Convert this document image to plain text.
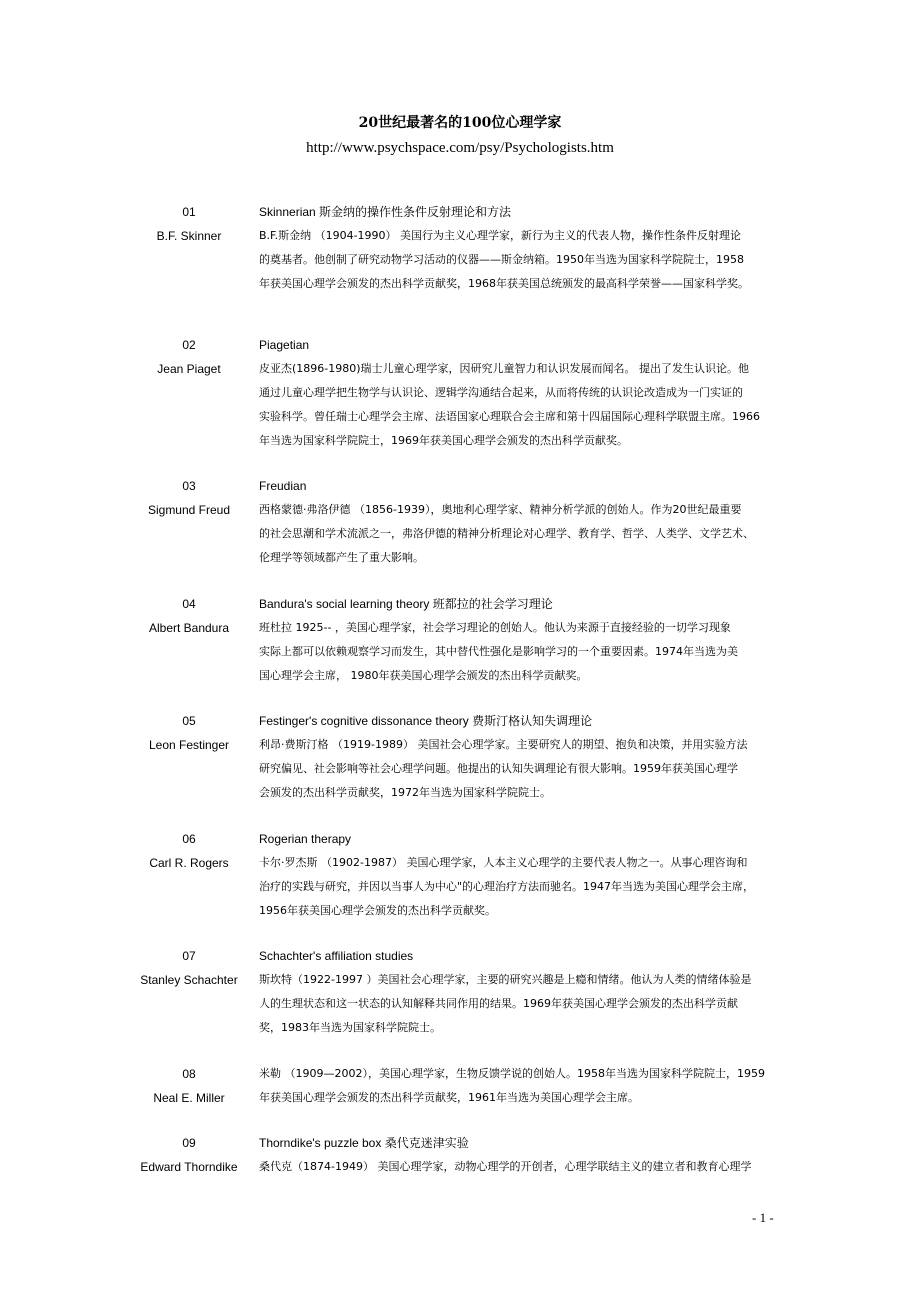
20世纪最著名的100位心理学家
http://www.psychspace.com/psy/Psychologists.htm
01
B.F. Skinner
Skinnerian 斯金纳的操作性条件反射理论和方法
B.F.斯金纳 （1904-1990） 美国行为主义心理学家，新行为主义的代表人物，操作性条件反射理论
的奠基者。他创制了研究动物学习活动的仪器——斯金纳箱。1950年当选为国家科学院院士，1958
年获美国心理学会颁发的杰出科学贡献奖，1968年获美国总统颁发的最高科学荣誉——国家科学奖。
02
Jean Piaget
Piagetian
皮亚杰(1896-1980)瑞士儿童心理学家，因研究儿童智力和认识发展而闻名。 提出了发生认识论。他
通过儿童心理学把生物学与认识论、逻辑学沟通结合起来，从而将传统的认识论改造成为一门实证的
实验科学。曾任瑞士心理学会主席、法语国家心理联合会主席和第十四届国际心理科学联盟主席。1966
年当选为国家科学院院士，1969年获美国心理学会颁发的杰出科学贡献奖。
03
Sigmund Freud
Freudian
西格蒙德·弗洛伊德 （1856-1939），奥地利心理学家、精神分析学派的创始人。作为20世纪最重要
的社会思潮和学术流派之一，弗洛伊德的精神分析理论对心理学、教育学、哲学、人类学、文学艺术、
伦理学等领域都产生了重大影响。
04
Albert Bandura
Bandura's social learning theory 班都拉的社会学习理论
班杜拉 1925-- ，美国心理学家，社会学习理论的创始人。他认为来源于直接经验的一切学习现象
实际上都可以依赖观察学习而发生，其中替代性强化是影响学习的一个重要因素。1974年当选为美
国心理学会主席， 1980年获美国心理学会颁发的杰出科学贡献奖。
05
Leon Festinger
Festinger's cognitive dissonance theory 费斯汀格认知失调理论
利昂·费斯汀格 （1919-1989） 美国社会心理学家。主要研究人的期望、抱负和决策，并用实验方法
研究偏见、社会影响等社会心理学问题。他提出的认知失调理论有很大影响。1959年获美国心理学
会颁发的杰出科学贡献奖，1972年当选为国家科学院院士。
06
Carl R. Rogers
Rogerian therapy
卡尔·罗杰斯 （1902-1987） 美国心理学家，人本主义心理学的主要代表人物之一。从事心理咨询和
治疗的实践与研究，并因以当事人为中心"的心理治疗方法而驰名。1947年当选为美国心理学会主席，
1956年获美国心理学会颁发的杰出科学贡献奖。
07
Stanley Schachter
Schachter's affiliation studies
斯坎特（1922-1997 ）美国社会心理学家，主要的研究兴趣是上瘾和情绪。他认为人类的情绪体验是
人的生理状态和这一状态的认知解释共同作用的结果。1969年获美国心理学会颁发的杰出科学贡献
奖，1983年当选为国家科学院院士。
08
Neal E. Miller
米勒 （1909—2002），美国心理学家，生物反馈学说的创始人。1958年当选为国家科学院院士，1959
年获美国心理学会颁发的杰出科学贡献奖，1961年当选为美国心理学会主席。
09
Edward Thorndike
Thorndike's puzzle box 桑代克迷津实验
桑代克（1874-1949） 美国心理学家，动物心理学的开创者，心理学联结主义的建立者和教育心理学
- 1 -
